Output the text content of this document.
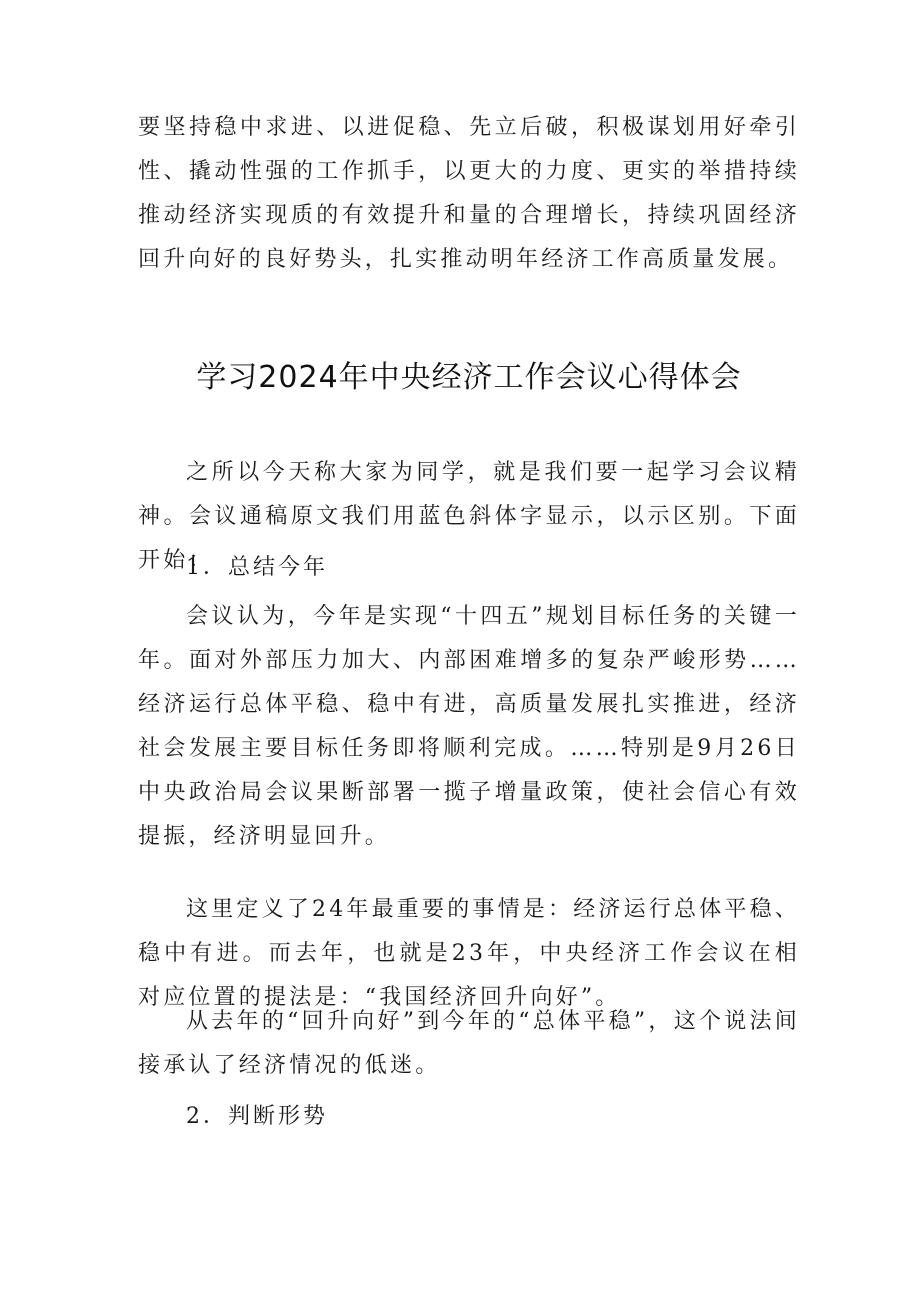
要坚持稳中求进、以进促稳、先立后破，积极谋划用好牵引性、撬动性强的工作抓手，以更大的力度、更实的举措持续推动经济实现质的有效提升和量的合理增长，持续巩固经济回升向好的良好势头，扎实推动明年经济工作高质量发展。

学习2024年中央经济工作会议心得体会

之所以今天称大家为同学，就是我们要一起学习会议精神。会议通稿原文我们用蓝色斜体字显示，以示区别。下面开始：

1．总结今年

会议认为，今年是实现“十四五”规划目标任务的关键一年。面对外部压力加大、内部困难增多的复杂严峻形势……经济运行总体平稳、稳中有进，高质量发展扎实推进，经济社会发展主要目标任务即将顺利完成。……特别是9月26日中央政治局会议果断部署一揽子增量政策，使社会信心有效提振，经济明显回升。

这里定义了24年最重要的事情是：经济运行总体平稳、稳中有进。而去年，也就是23年，中央经济工作会议在相对应位置的提法是：“我国经济回升向好”。

从去年的“回升向好”到今年的“总体平稳”，这个说法间接承认了经济情况的低迷。

2．判断形势
